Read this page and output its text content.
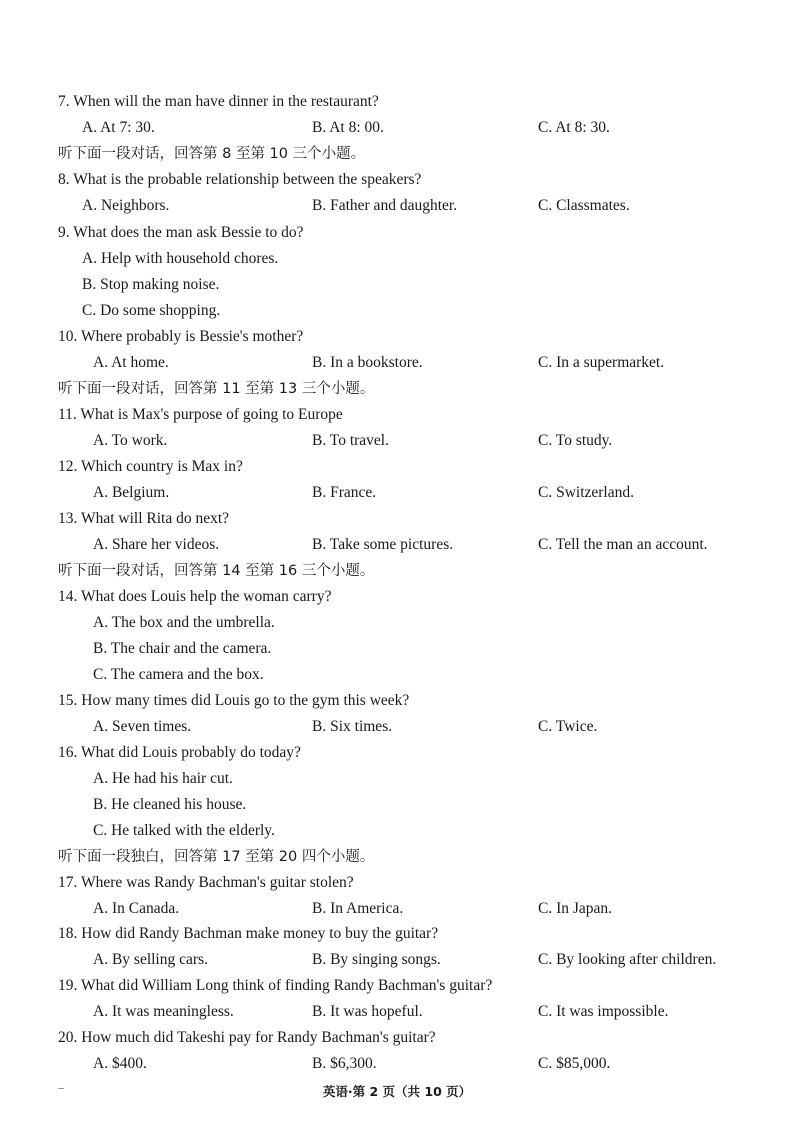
7. When will the man have dinner in the restaurant?
A. At 7: 30.	B. At 8: 00.	C. At 8: 30.
听下面一段对话，回答第 8 至第 10 三个小题。
8. What is the probable relationship between the speakers?
A. Neighbors.	B. Father and daughter.	C. Classmates.
9. What does the man ask Bessie to do?
A. Help with household chores.
B. Stop making noise.
C. Do some shopping.
10. Where probably is Bessie's mother?
A. At home.	B. In a bookstore.	C. In a supermarket.
听下面一段对话，回答第 11 至第 13 三个小题。
11. What is Max's purpose of going to Europe
A. To work.	B. To travel.	C. To study.
12. Which country is Max in?
A. Belgium.	B. France.	C. Switzerland.
13. What will Rita do next?
A. Share her videos.	B. Take some pictures.	C. Tell the man an account.
听下面一段对话，回答第 14 至第 16 三个小题。
14. What does Louis help the woman carry?
A. The box and the umbrella.
B. The chair and the camera.
C. The camera and the box.
15. How many times did Louis go to the gym this week?
A. Seven times.	B. Six times.	C. Twice.
16. What did Louis probably do today?
A. He had his hair cut.
B. He cleaned his house.
C. He talked with the elderly.
听下面一段独白，回答第 17 至第 20 四个小题。
17. Where was Randy Bachman's guitar stolen?
A. In Canada.	B. In America.	C. In Japan.
18. How did Randy Bachman make money to buy the guitar?
A. By selling cars.	B. By singing songs.	C. By looking after children.
19. What did William Long think of finding Randy Bachman's guitar?
A. It was meaningless.	B. It was hopeful.	C. It was impossible.
20. How much did Takeshi pay for Randy Bachman's guitar?
A. $400.	B. $6,300.	C. $85,000.
英语·第 2 页（共 10 页）
